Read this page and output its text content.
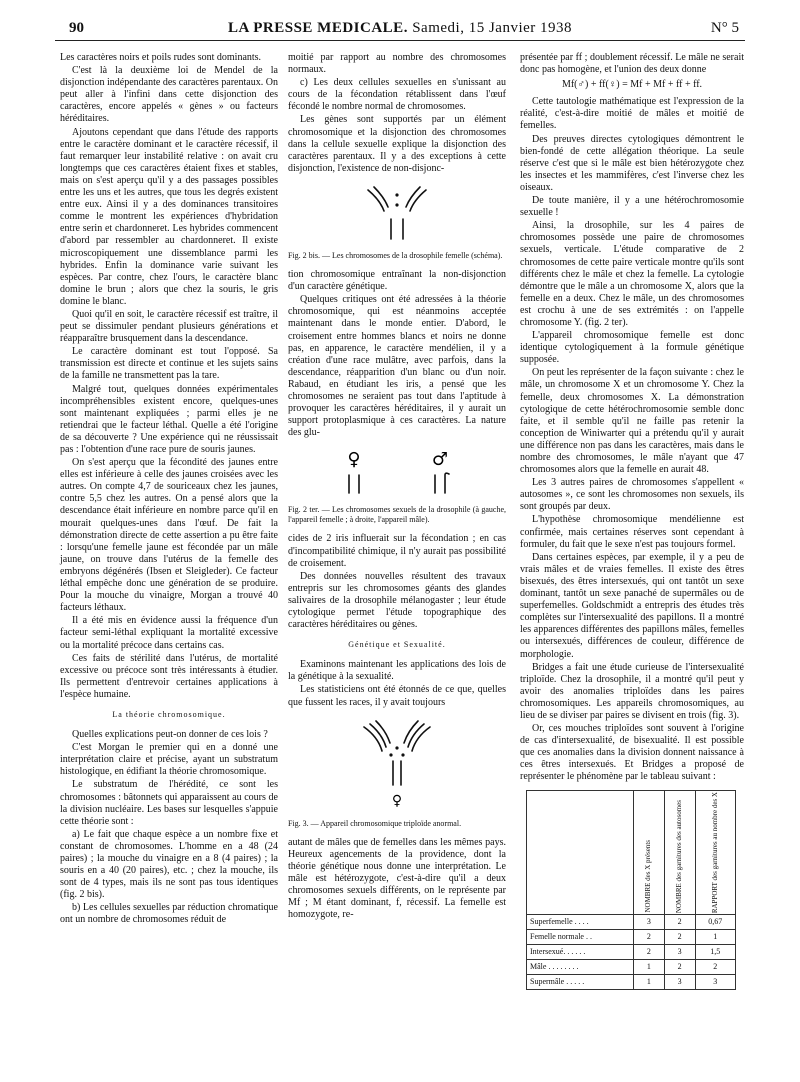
90	LA PRESSE MEDICALE. Samedi, 15 Janvier 1938	N° 5

Les caractères noirs et poils rudes sont dominants.

C'est là la deuxième loi de Mendel de la disjonction indépendante des caractères parentaux. On peut aller à l'infini dans cette disjonction des caractères, encore appelés « gènes » ou facteurs héréditaires.

Ajoutons cependant que dans l'étude des rapports entre le caractère dominant et le caractère récessif, il faut remarquer leur instabilité relative : on avait cru longtemps que ces caractères étaient fixes et stables, mais on s'est aperçu qu'il y a des passages possibles entre les uns et les autres, que tous les degrés existent entre eux. Ainsi il y a des dominances transitoires comme le montrent les expériences d'hybridation entre serin et chardonneret. Les hybrides commencent d'abord par ressembler au chardonneret. Il existe microscopiquement une dissemblance parmi les hybrides. Enfin la dominance varie suivant les espèces. Par contre, chez l'ours, le caractère blanc domine le brun ; alors que chez la souris, le gris domine le blanc.

Quoi qu'il en soit, le caractère récessif est traître, il peut se dissimuler pendant plusieurs générations et réapparaître brusquement dans la descendance.

Le caractère dominant est tout l'opposé. Sa transmission est directe et continue et les sujets sains de la famille ne transmettent pas la tare.

Malgré tout, quelques données expérimentales incompréhensibles existent encore, quelques-unes sont maintenant expliquées ; parmi elles je ne retiendrai que le facteur léthal. Quelle a été l'origine de sa découverte ? Une expérience qui ne réussissait pas : l'obtention d'une race pure de souris jaunes.

On s'est aperçu que la fécondité des jaunes entre elles est inférieure à celle des jaunes croisées avec les autres. On compte 4,7 de souriceaux chez les jaunes, contre 5,5 chez les autres. On a pensé alors que la descendance était inférieure en nombre parce qu'il en mourait quelques-unes dans l'œuf. De fait la démonstration directe de cette assertion a pu être faite : lorsqu'une femelle jaune est fécondée par un mâle jaune, on trouve dans l'utérus de la femelle des embryons dégénérés (Ibsen et Sleigleder). Ce facteur léthal empêche donc une génération de se produire. Pour la mouche du vinaigre, Morgan a trouvé 40 facteurs léthaux.

Il a été mis en évidence aussi la fréquence d'un facteur semi-léthal expliquant la mortalité excessive ou la mortalité précoce dans certains cas.

Ces faits de stérilité dans l'utérus, de mortalité excessive ou précoce sont très intéressants à étudier. Ils permettent d'entrevoir certaines applications à l'espèce humaine.

La théorie chromosomique.

Quelles explications peut-on donner de ces lois ?

C'est Morgan le premier qui en a donné une interprétation claire et précise, ayant un substratum histologique, en édifiant la théorie chromosomique.

Le substratum de l'hérédité, ce sont les chromosomes : bâtonnets qui apparaissent au cours de la division nucléaire. Les bases sur lesquelles s'appuie cette théorie sont :

a) Le fait que chaque espèce a un nombre fixe et constant de chromosomes. L'homme en a 48 (24 paires) ; la mouche du vinaigre en a 8 (4 paires) ; la souris en a 40 (20 paires), etc. ; chez la mouche, ils sont de 4 types, mais ils ne sont pas tous identiques (fig. 2 bis).

b) Les cellules sexuelles par réduction chromatique ont un nombre de chromosomes réduit de

moitié par rapport au nombre des chromosomes normaux.

c) Les deux cellules sexuelles en s'unissant au cours de la fécondation rétablissent dans l'œuf fécondé le nombre normal de chromosomes.

Les gènes sont supportés par un élément chromosomique et la disjonction des chromosomes dans la cellule sexuelle explique la disjonction des caractères parentaux. Il y a des exceptions à cette disjonction, l'existence de non-disjonc-

Fig. 2 bis. — Les chromosomes de la drosophile femelle (schéma).

tion chromosomique entraînant la non-disjonction d'un caractère génétique.

Quelques critiques ont été adressées à la théorie chromosomique, qui est néanmoins acceptée maintenant dans le monde entier. D'abord, le croisement entre hommes blancs et noirs ne donne pas, en apparence, le caractère mendélien, il y a création d'une race mulâtre, avec parfois, dans la descendance, réapparition d'un blanc ou d'un noir. Rabaud, en étudiant les iris, a pensé que les chromosomes ne seraient pas tout dans l'aptitude à provoquer les caractères héréditaires, il y aurait un support protoplasmique à ces caractères. La nature des glu-

♀	♂
Fig. 2 ter. — Les chromosomes sexuels de la drosophile (à gauche, l'appareil femelle ; à droite, l'appareil mâle).

cides de 2 iris influerait sur la fécondation ; en cas d'incompatibilité chimique, il n'y aurait pas possibilité de croisement.

Des données nouvelles résultent des travaux entrepris sur les chromosomes géants des glandes salivaires de la drosophile mélanogaster ; leur étude cytologique permet l'étude topographique des caractères héréditaires ou gènes.

Génétique et Sexualité.

Examinons maintenant les applications des lois de la génétique à la sexualité.

Les statisticiens ont été étonnés de ce que, quelles que fussent les races, il y avait toujours

♀
Fig. 3. — Appareil chromosomique triploïde anormal.

autant de mâles que de femelles dans les mêmes pays. Heureux agencements de la providence, dont la théorie génétique nous donne une interprétation. Le mâle est hétérozygote, c'est-à-dire qu'il a deux chromosomes sexuels différents, on le représente par Mf ; M étant dominant, f, récessif. La femelle est homozygote, re-

présentée par ff ; doublement récessif. Le mâle ne serait donc pas homogène, et l'union des deux donne

Mf(♂) + ff(♀) = Mf + Mf + ff + ff.

Cette tautologie mathématique est l'expression de la réalité, c'est-à-dire moitié de mâles et moitié de femelles.

Des preuves directes cytologiques démontrent le bien-fondé de cette allégation théorique. La seule réserve c'est que si le mâle est bien hétérozygote chez les insectes et les mammifères, c'est l'inverse chez les oiseaux.

De toute manière, il y a une hétérochromosomie sexuelle !

Ainsi, la drosophile, sur les 4 paires de chromosomes possède une paire de chromosomes sexuels, verticale. L'étude comparative de 2 chromosomes de cette paire verticale montre qu'ils sont différents chez le mâle et chez la femelle. La cytologie démontre que le mâle a un chromosome X, alors que la femelle en a deux. Chez le mâle, un des chromosomes est crochu à une de ses extrémités : on l'appelle chromosome Y. (fig. 2 ter).

L'appareil chromosomique femelle est donc identique cytologiquement à la formule génétique supposée.

On peut les représenter de la façon suivante : chez le mâle, un chromosome X et un chromosome Y. Chez la femelle, deux chromosomes X. La démonstration cytologique de cette hétérochromosomie semble donc faite, et il semble qu'il ne faille pas retenir la conception de Winiwarter qui a prétendu qu'il y aurait une différence non pas dans les caractères, mais dans le nombre des chromosomes, le mâle n'ayant que 47 chromosomes alors que la femelle en aurait 48.

Les 3 autres paires de chromosomes s'appellent « autosomes », ce sont les chromosomes non sexuels, ils sont groupés par deux.

L'hypothèse chromosomique mendélienne est confirmée, mais certaines réserves sont cependant à formuler, du fait que le sexe n'est pas toujours formel.

Dans certaines espèces, par exemple, il y a peu de vrais mâles et de vraies femelles. Il existe des êtres bisexués, des êtres intersexués, qui ont tantôt un sexe dominant, tantôt un sexe panaché de supermâles ou de superfemelles. Goldschmidt a entrepris des études très complètes sur l'intersexualité des papillons. Il a montré les apparences différentes des papillons mâles, femelles ou intersexués, différences de couleur, différence de morphologie.

Bridges a fait une étude curieuse de l'intersexualité triploïde. Chez la drosophile, il a montré qu'il peut y avoir des anomalies triploïdes dans les paires chromosomiques. Les appareils chromosomiques, au lieu de se diviser par paires se divisent en trois (fig. 3).

Or, ces mouches triploïdes sont souvent à l'origine de cas d'intersexualité, de bisexualité. Il est possible que ces anomalies dans la division donnent naissance à ces êtres intersexués. Et Bridges a proposé de représenter le phénomène par le tableau suivant :

	NOMBRE des X présents	NOMBRE des garnitures des autosomes	RAPPORT des garnitures au nombre des X

Superfemelle . . . .	3	2	0,67
Femelle normale . .	2	2	1
Intersexué. . . . . .	2	3	1,5
Mâle . . . . . . . .	1	2	2
Supermâle . . . . .	1	3	3
